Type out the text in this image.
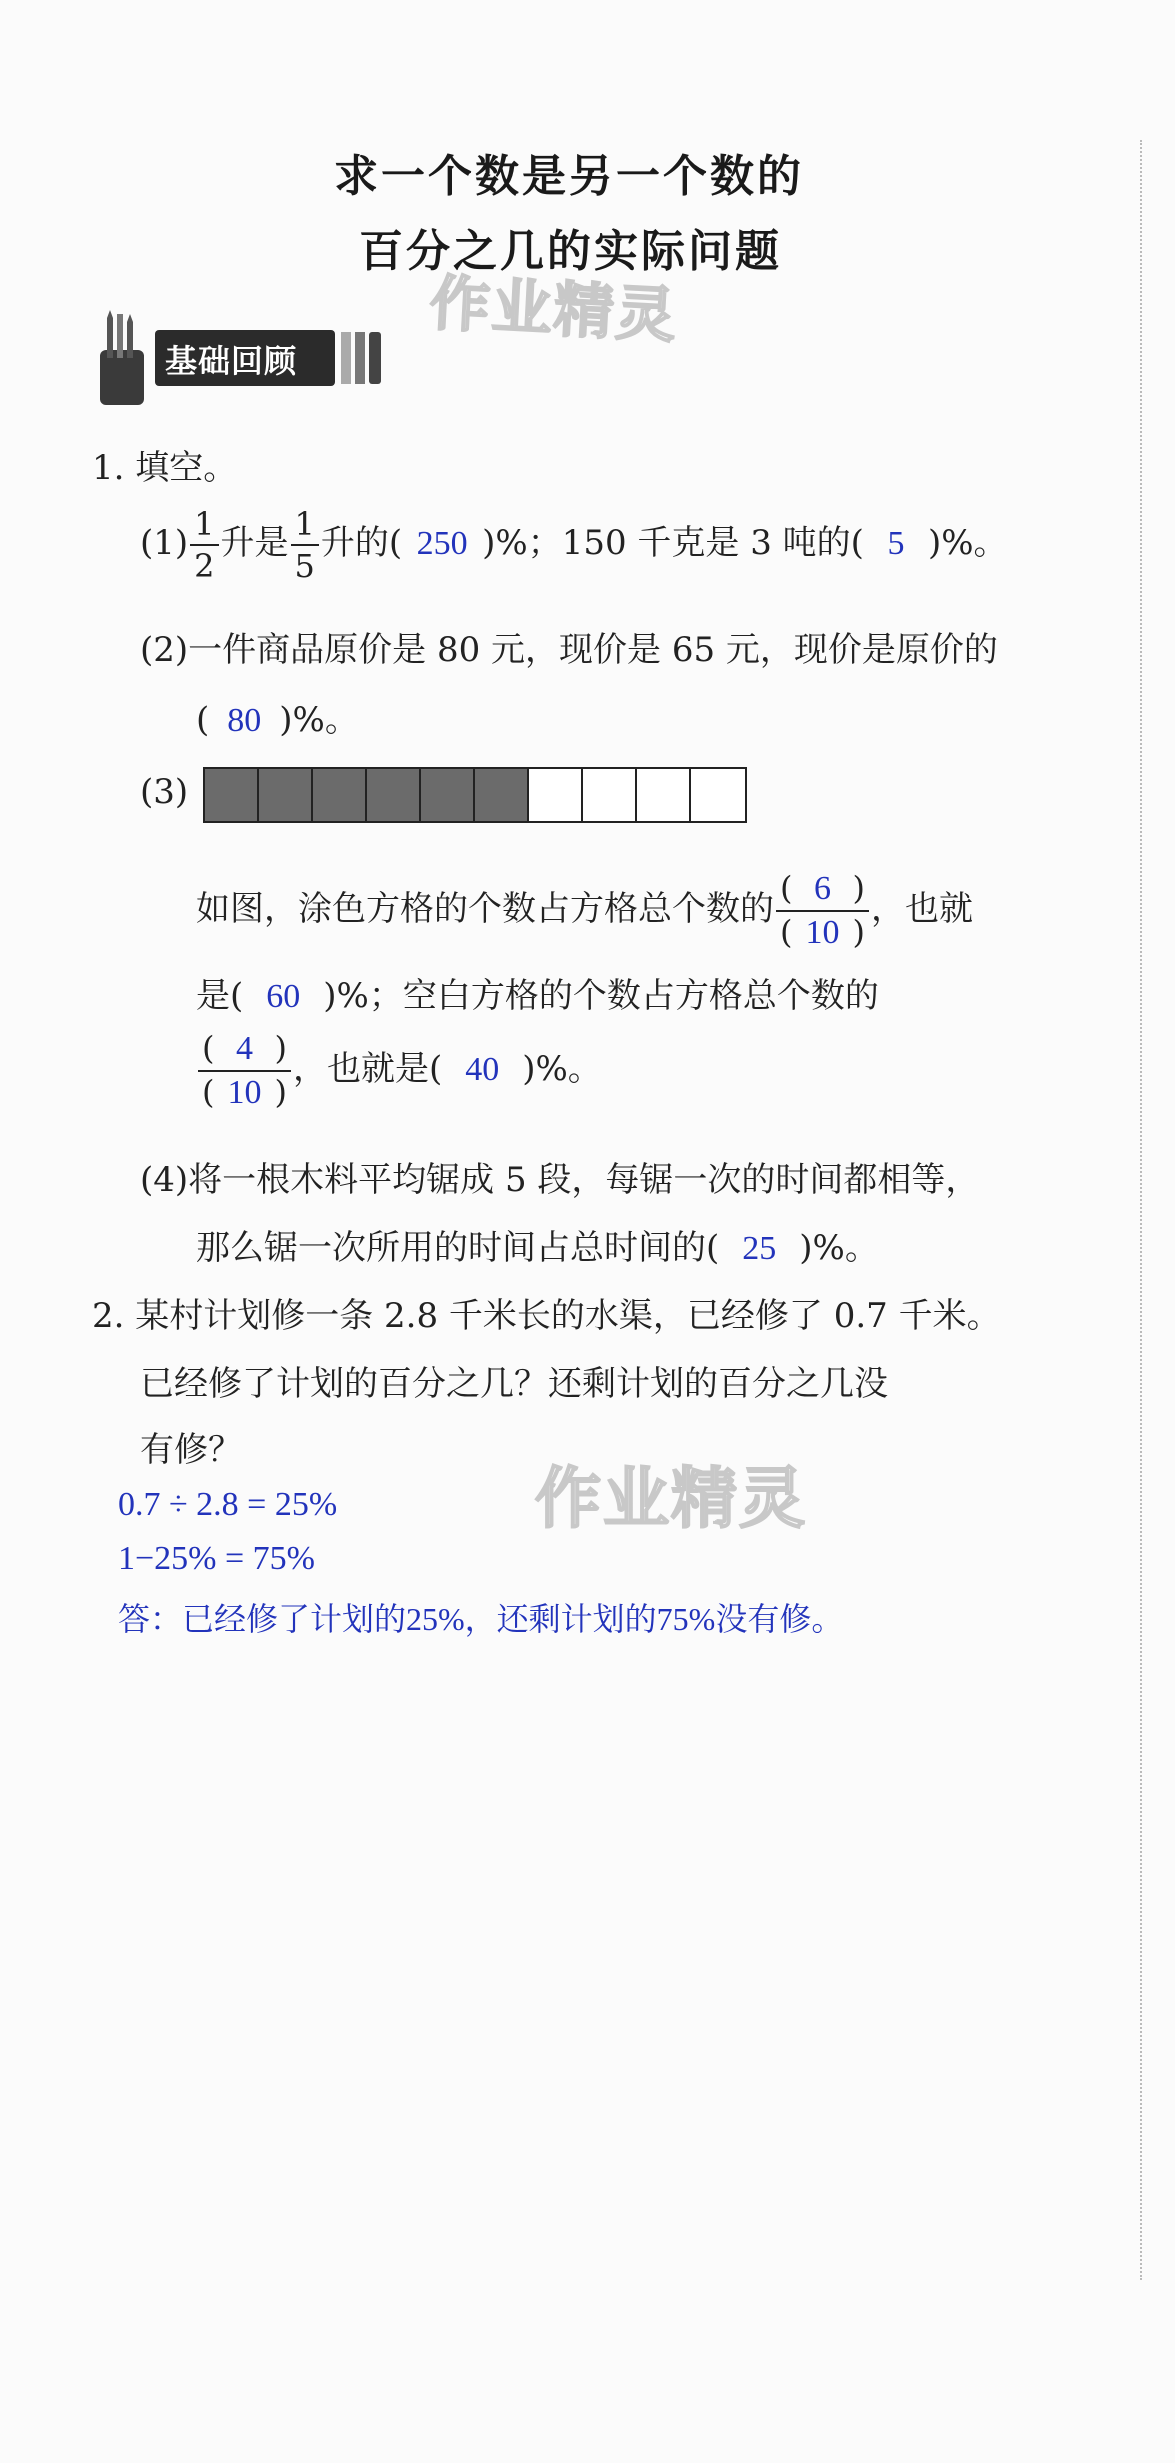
求一个数是另一个数的
百分之几的实际问题
作业精灵
作业精灵
基础回顾
1. 填空。
$(1) \frac{1}{2}$ 升是 $\frac{1}{5}$ 升的( 250 )%；150 千克是 3 吨的( 5 )%。
(2)一件商品原价是 80 元，现价是 65 元，现价是原价的
( 80 )%。
(3)
如图，涂色方格的个数占方格总个数的 $\frac{( 6 )}{( 10 )}$ ，也就
是( 60 )%；空白方格的个数占方格总个数的
$\frac{( 4 )}{( 10 )}$ ，也就是( 40 )%。
(4)将一根木料平均锯成 5 段，每锯一次的时间都相等，
那么锯一次所用的时间占总时间的( 25 )%。
2. 某村计划修一条 2.8 千米长的水渠，已经修了 0.7 千米。
已经修了计划的百分之几？还剩计划的百分之几没
有修？
0.7 ÷ 2.8 = 25%
1−25% = 75%
答：已经修了计划的25%，还剩计划的75%没有修。
